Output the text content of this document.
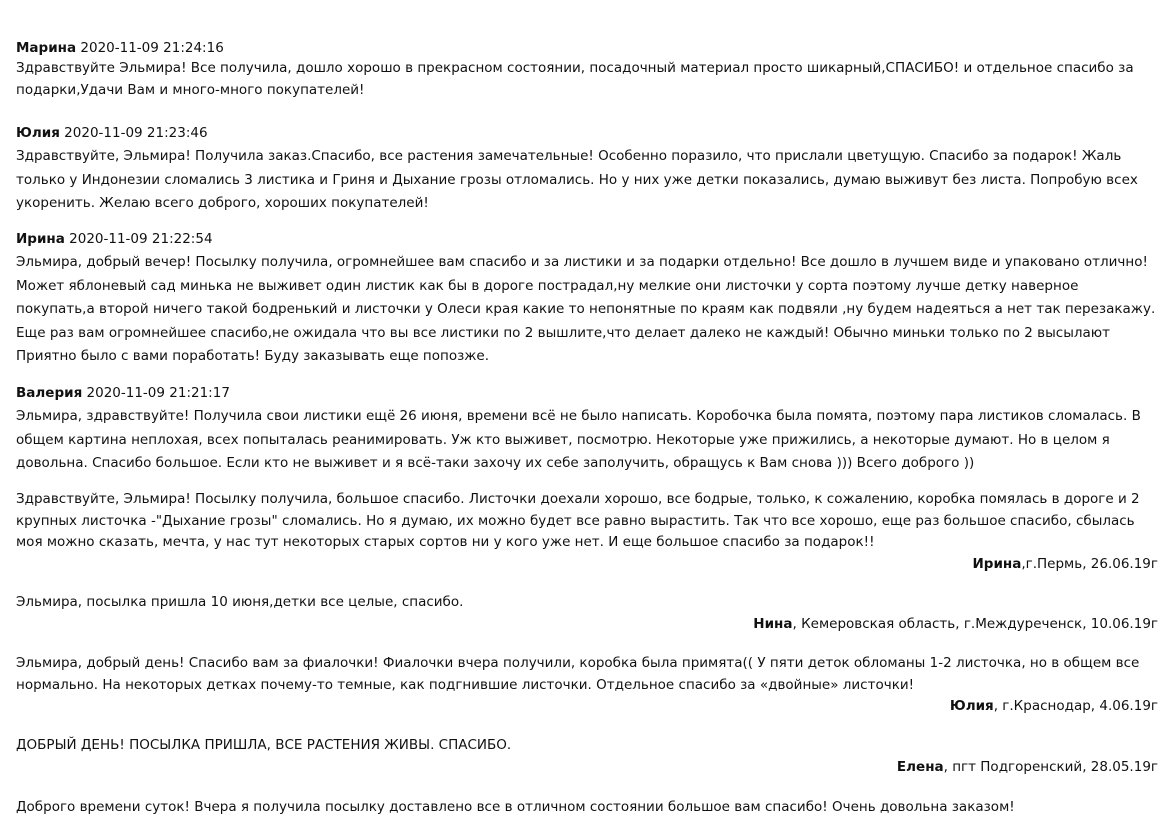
Марина 2020-11-09 21:24:16
Здравствуйте Эльмира! Все получила, дошло хорошо в прекрасном состоянии, посадочный материал просто шикарный,СПАСИБО! и отдельное спасибо за подарки,Удачи Вам и много-много покупателей!
Юлия 2020-11-09 21:23:46
Здравствуйте, Эльмира! Получила заказ.Спасибо, все растения замечательные! Особенно поразило, что прислали цветущую. Спасибо за подарок! Жаль только у Индонезии сломались 3 листика и Гриня и Дыхание грозы отломались. Но у них уже детки показались, думаю выживут без листа. Попробую всех укоренить. Желаю всего доброго, хороших покупателей!
Ирина 2020-11-09 21:22:54
Эльмира, добрый вечер! Посылку получила, огромнейшее вам спасибо и за листики и за подарки отдельно! Все дошло в лучшем виде и упаковано отлично! Может яблоневый сад минька не выживет один листик как бы в дороге пострадал,ну мелкие они листочки у сорта поэтому лучше детку наверное покупать,а второй ничего такой бодренький и листочки у Олеси края какие то непонятные по краям как подвяли ,ну будем надеяться а нет так перезакажу. Еще раз вам огромнейшее спасибо,не ожидала что вы все листики по 2 вышлите,что делает далеко не каждый! Обычно миньки только по 2 высылают Приятно было с вами поработать! Буду заказывать еще попозже.
Валерия 2020-11-09 21:21:17
Эльмира, здравствуйте! Получила свои листики ещё 26 июня, времени всё не было написать. Коробочка была помята, поэтому пара листиков сломалась. В общем картина неплохая, всех попыталась реанимировать. Уж кто выживет, посмотрю. Некоторые уже прижились, а некоторые думают. Но в целом я довольна. Спасибо большое. Если кто не выживет и я всё-таки захочу их себе заполучить, обращусь к Вам снова ))) Всего доброго ))
Здравствуйте, Эльмира! Посылку получила, большое спасибо. Листочки доехали хорошо, все бодрые, только, к сожалению, коробка помялась в дороге и 2 крупных листочка -"Дыхание грозы" сломались. Но я думаю, их можно будет все равно вырастить. Так что все хорошо, еще раз большое спасибо, сбылась моя можно сказать, мечта, у нас тут некоторых старых сортов ни у кого уже нет. И еще большое спасибо за подарок!!
Ирина,г.Пермь, 26.06.19г
Эльмира, посылка пришла 10 июня,детки все целые, спасибо.
Нина, Кемеровская область, г.Междуреченск, 10.06.19г
Эльмира, добрый день! Спасибо вам за фиалочки! Фиалочки вчера получили, коробка была примята(( У пяти деток обломаны 1-2 листочка, но в общем все нормально. На некоторых детках почему-то темные, как подгнившие листочки. Отдельное спасибо за «двойные» листочки!
Юлия, г.Краснодар, 4.06.19г
ДОБРЫЙ ДЕНЬ! ПОСЫЛКА ПРИШЛА, ВСЕ РАСТЕНИЯ ЖИВЫ. СПАСИБО.
Елена, пгт Подгоренский, 28.05.19г
Доброго времени суток! Вчера я получила посылку доставлено все в отличном состоянии большое вам спасибо! Очень довольна заказом!
